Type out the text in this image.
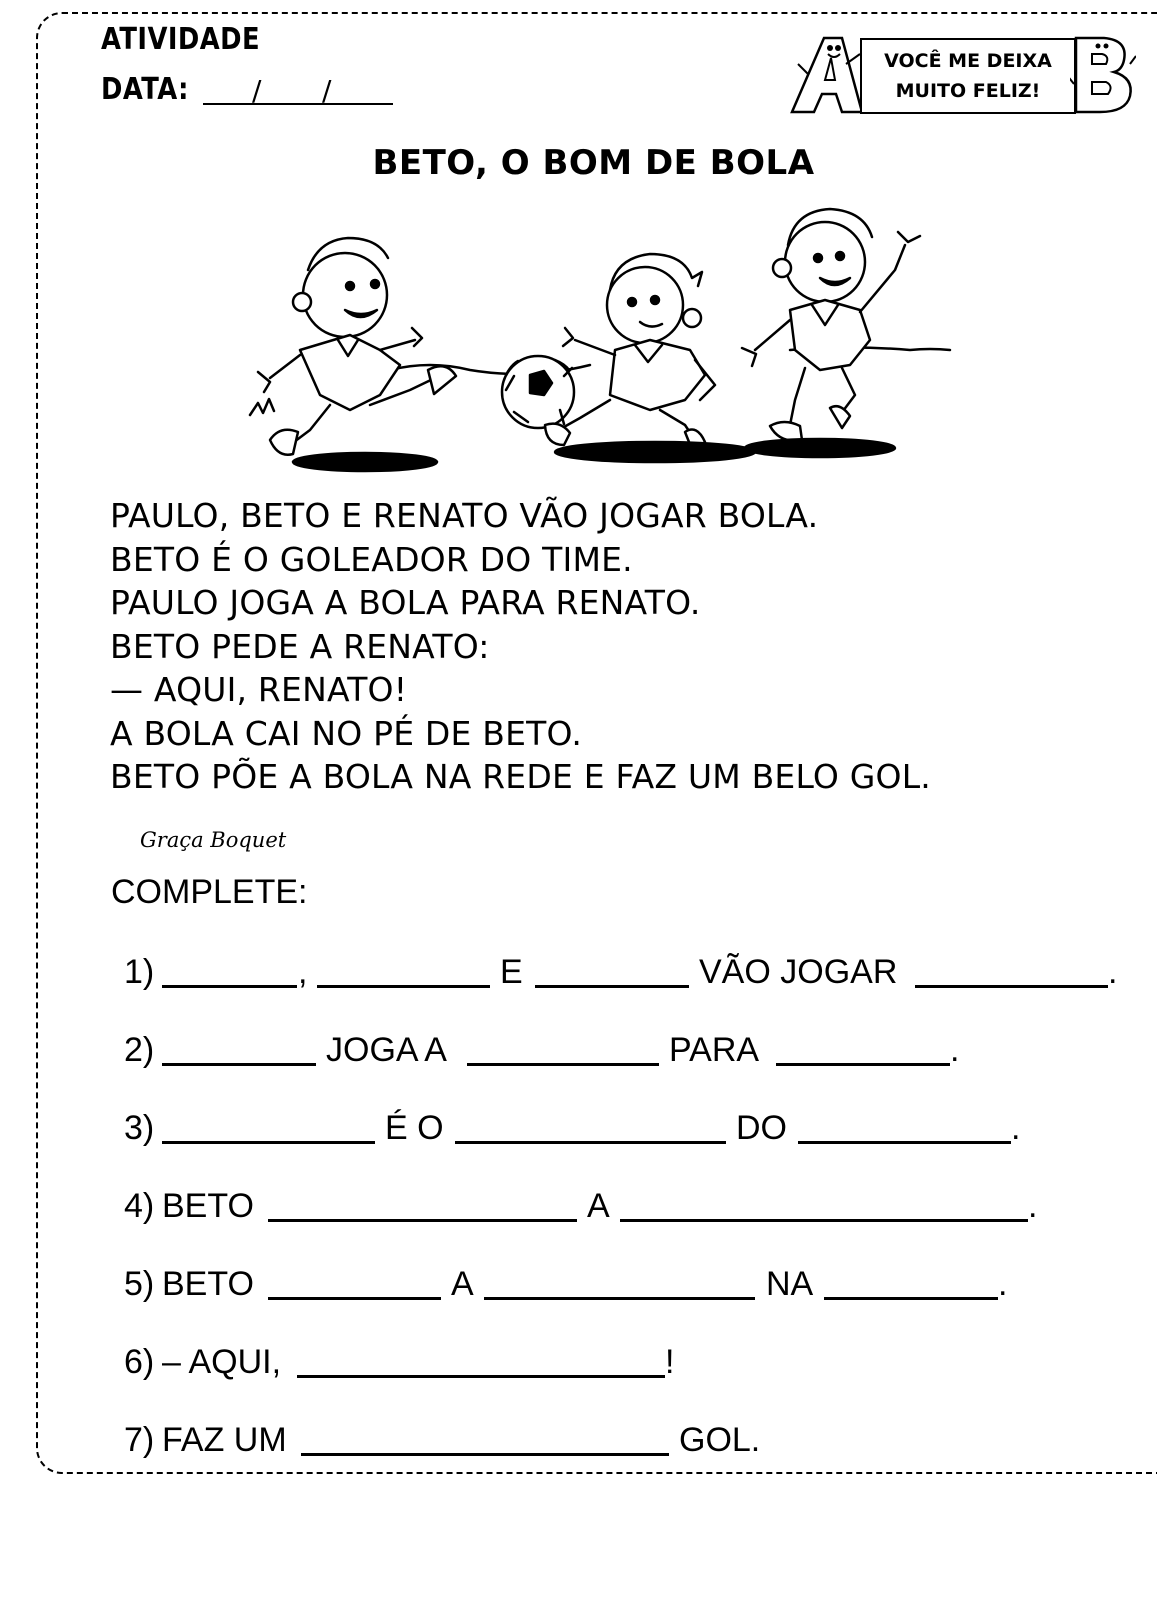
ATIVIDADE
DATA: / /
VOCÊ ME DEIXA
MUITO FELIZ!
BETO, O BOM DE BOLA
PAULO, BETO E RENATO VÃO JOGAR BOLA.
BETO É O GOLEADOR DO TIME.
PAULO JOGA A BOLA PARA RENATO.
BETO PEDE A RENATO:
— AQUI, RENATO!
A BOLA CAI NO PÉ DE BETO.
BETO PÕE A BOLA NA REDE E FAZ UM BELO GOL.
Graça Boquet
COMPLETE:
1)	,	E	VÃO JOGAR	.
2)	JOGA A	PARA	.
3)	É O	DO	.
4) BETO	A	.
5) BETO	A	NA	.
6) – AQUI,	!
7) FAZ UM	GOL.
